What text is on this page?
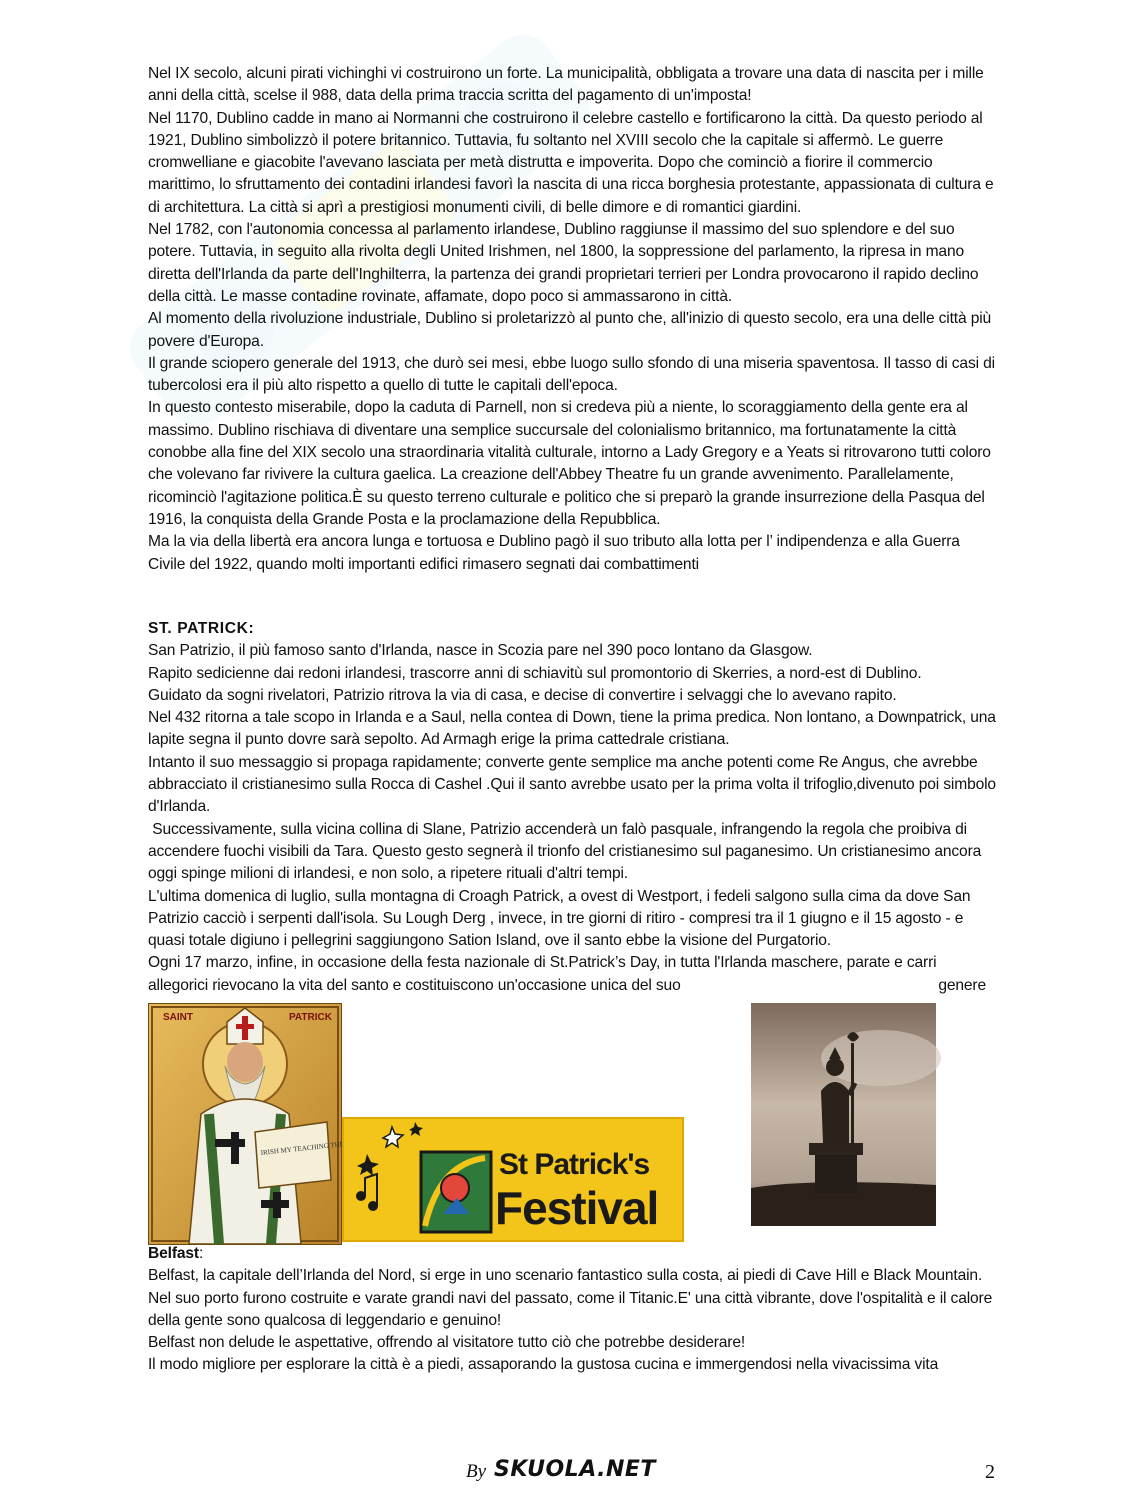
Nel IX secolo, alcuni pirati vichinghi vi costruirono un forte. La municipalità, obbligata a trovare una data di nascita per i mille anni della città, scelse il 988, data della prima traccia scritta del pagamento di un'imposta!

Nel 1170, Dublino cadde in mano ai Normanni che costruirono il celebre castello e fortificarono la città. Da questo periodo al 1921, Dublino simbolizzò il potere britannico. Tuttavia, fu soltanto nel XVIII secolo che la capitale si affermò. Le guerre cromwelliane e giacobite l'avevano lasciata per metà distrutta e impoverita. Dopo che cominciò a fiorire il commercio marittimo, lo sfruttamento dei contadini irlandesi favorì la nascita di una ricca borghesia protestante, appassionata di cultura e di architettura. La città si aprì a prestigiosi monumenti civili, di belle dimore e di romantici giardini.

Nel 1782, con l'autonomia concessa al parlamento irlandese, Dublino raggiunse il massimo del suo splendore e del suo potere. Tuttavia, in seguito alla rivolta degli United Irishmen, nel 1800, la soppressione del parlamento, la ripresa in mano diretta dell'Irlanda da parte dell'Inghilterra, la partenza dei grandi proprietari terrieri per Londra provocarono il rapido declino della città. Le masse contadine rovinate, affamate, dopo poco si ammassarono in città.

Al momento della rivoluzione industriale, Dublino si proletarizzò al punto che, all'inizio di questo secolo, era una delle città più povere d'Europa.

Il grande sciopero generale del 1913, che durò sei mesi, ebbe luogo sullo sfondo di una miseria spaventosa. Il tasso di casi di tubercolosi era il più alto rispetto a quello di tutte le capitali dell'epoca.

In questo contesto miserabile, dopo la caduta di Parnell, non si credeva più a niente, lo scoraggiamento della gente era al massimo. Dublino rischiava di diventare una semplice succursale del colonialismo britannico, ma fortunatamente la città conobbe alla fine del XIX secolo una straordinaria vitalità culturale, intorno a Lady Gregory e a Yeats si ritrovarono tutti coloro che volevano far rivivere la cultura gaelica. La creazione dell'Abbey Theatre fu un grande avvenimento. Parallelamente, ricominciò l'agitazione politica.È su questo terreno culturale e politico che si preparò la grande insurrezione della Pasqua del 1916, la conquista della Grande Posta e la proclamazione della Repubblica.

Ma la via della libertà era ancora lunga e tortuosa e Dublino pagò il suo tributo alla lotta per l’ indipendenza e alla Guerra Civile del 1922, quando molti importanti edifici rimasero segnati dai combattimenti

ST. PATRICK:

San Patrizio, il più famoso santo d'Irlanda, nasce in Scozia pare nel 390 poco lontano da Glasgow.

Rapito sedicienne dai redoni irlandesi, trascorre anni di schiavitù sul promontorio di Skerries, a nord-est di Dublino.

Guidato da sogni rivelatori, Patrizio ritrova la via di casa, e decise di convertire i selvaggi che lo avevano rapito.

Nel 432 ritorna a tale scopo in Irlanda e a Saul, nella contea di Down, tiene la prima predica. Non lontano, a Downpatrick, una lapite segna il punto dovre sarà sepolto. Ad Armagh erige la prima cattedrale cristiana.

Intanto il suo messaggio si propaga rapidamente; converte gente semplice ma anche potenti come Re Angus, che avrebbe abbracciato il cristianesimo sulla Rocca di Cashel .Qui il santo avrebbe usato per la prima volta il trifoglio,divenuto poi simbolo d'Irlanda.

Successivamente, sulla vicina collina di Slane, Patrizio accenderà un falò pasquale, infrangendo la regola che proibiva di accendere fuochi visibili da Tara. Questo gesto segnerà il trionfo del cristianesimo sul paganesimo. Un cristianesimo ancora oggi spinge milioni di irlandesi, e non solo, a ripetere rituali d'altri tempi.

L'ultima domenica di luglio, sulla montagna di Croagh Patrick, a ovest di Westport, i fedeli salgono sulla cima da dove San Patrizio cacciò i serpenti dall'isola. Su Lough Derg , invece, in tre giorni di ritiro - compresi tra il 1 giugno e il 15 agosto - e quasi totale digiuno i pellegrini saggiungono Sation Island, ove il santo ebbe la visione del Purgatorio.

Ogni 17 marzo, infine, in occasione della festa nazionale di St.Patrick’s Day, in tutta l'Irlanda maschere, parate e carri

allegorici rievocano la vita del santo e costituiscono un'occasione unica del suo	genere

IRISH MY TEACHING THE
SAINT	PATRICK
St Patrick's
Festival

Belfast:

Belfast, la capitale dell’Irlanda del Nord, si erge in uno scenario fantastico sulla costa, ai piedi di Cave Hill e Black Mountain. Nel suo porto furono costruite e varate grandi navi del passato, come il Titanic.E' una città vibrante, dove l'ospitalità e il calore della gente sono qualcosa di leggendario e genuino!

Belfast non delude le aspettative, offrendo al visitatore tutto ciò che potrebbe desiderare!

Il modo migliore per esplorare la città è a piedi, assaporando la gustosa cucina e immergendosi nella vivacissima vita

By SKUOLA.NET	2
